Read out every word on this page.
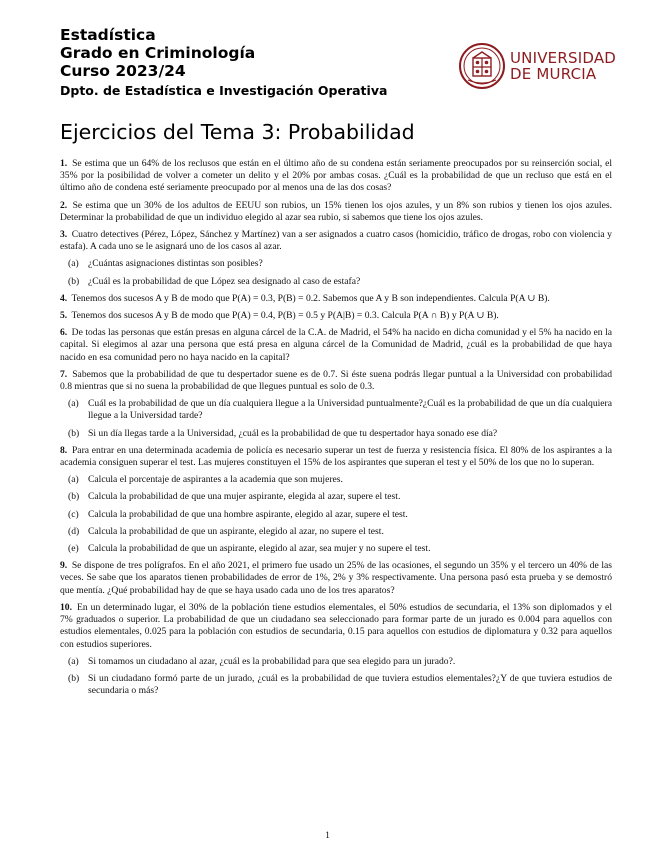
Estadística
Grado en Criminología
Curso 2023/24
Dpto. de Estadística e Investigación Operativa
UNIVERSIDAD
DE MURCIA
Ejercicios del Tema 3: Probabilidad
1. Se estima que un 64% de los reclusos que están en el último año de su condena están seriamente preocupados por su reinserción social, el 35% por la posibilidad de volver a cometer un delito y el 20% por ambas cosas. ¿Cuál es la probabilidad de que un recluso que está en el último año de condena esté seriamente preocupado por al menos una de las dos cosas?
2. Se estima que un 30% de los adultos de EEUU son rubios, un 15% tienen los ojos azules, y un 8% son rubios y tienen los ojos azules. Determinar la probabilidad de que un individuo elegido al azar sea rubio, si sabemos que tiene los ojos azules.
3. Cuatro detectives (Pérez, López, Sánchez y Martínez) van a ser asignados a cuatro casos (homicidio, tráfico de drogas, robo con violencia y estafa). A cada uno se le asignará uno de los casos al azar.
(a) ¿Cuántas asignaciones distintas son posibles?
(b) ¿Cuál es la probabilidad de que López sea designado al caso de estafa?
4. Tenemos dos sucesos A y B de modo que P(A) = 0.3, P(B) = 0.2. Sabemos que A y B son independientes. Calcula P(A ∪ B).
5. Tenemos dos sucesos A y B de modo que P(A) = 0.4, P(B) = 0.5 y P(A|B) = 0.3. Calcula P(A ∩ B) y P(A ∪ B).
6. De todas las personas que están presas en alguna cárcel de la C.A. de Madrid, el 54% ha nacido en dicha comunidad y el 5% ha nacido en la capital. Si elegimos al azar una persona que está presa en alguna cárcel de la Comunidad de Madrid, ¿cuál es la probabilidad de que haya nacido en esa comunidad pero no haya nacido en la capital?
7. Sabemos que la probabilidad de que tu despertador suene es de 0.7. Si éste suena podrás llegar puntual a la Universidad con probabilidad 0.8 mientras que si no suena la probabilidad de que llegues puntual es solo de 0.3.
(a) Cuál es la probabilidad de que un día cualquiera llegue a la Universidad puntualmente?¿Cuál es la probabilidad de que un día cualquiera llegue a la Universidad tarde?
(b) Si un día llegas tarde a la Universidad, ¿cuál es la probabilidad de que tu despertador haya sonado ese día?
8. Para entrar en una determinada academia de policía es necesario superar un test de fuerza y resistencia física. El 80% de los aspirantes a la academia consiguen superar el test. Las mujeres constituyen el 15% de los aspirantes que superan el test y el 50% de los que no lo superan.
(a) Calcula el porcentaje de aspirantes a la academia que son mujeres.
(b) Calcula la probabilidad de que una mujer aspirante, elegida al azar, supere el test.
(c) Calcula la probabilidad de que una hombre aspirante, elegido al azar, supere el test.
(d) Calcula la probabilidad de que un aspirante, elegido al azar, no supere el test.
(e) Calcula la probabilidad de que un aspirante, elegido al azar, sea mujer y no supere el test.
9. Se dispone de tres polígrafos. En el año 2021, el primero fue usado un 25% de las ocasiones, el segundo un 35% y el tercero un 40% de las veces. Se sabe que los aparatos tienen probabilidades de error de 1%, 2% y 3% respectivamente. Una persona pasó esta prueba y se demostró que mentía. ¿Qué probabilidad hay de que se haya usado cada uno de los tres aparatos?
10. En un determinado lugar, el 30% de la población tiene estudios elementales, el 50% estudios de secundaria, el 13% son diplomados y el 7% graduados o superior. La probabilidad de que un ciudadano sea seleccionado para formar parte de un jurado es 0.004 para aquellos con estudios elementales, 0.025 para la población con estudios de secundaria, 0.15 para aquellos con estudios de diplomatura y 0.32 para aquellos con estudios superiores.
(a) Si tomamos un ciudadano al azar, ¿cuál es la probabilidad para que sea elegido para un jurado?.
(b) Si un ciudadano formó parte de un jurado, ¿cuál es la probabilidad de que tuviera estudios elementales?¿Y de que tuviera estudios de secundaria o más?
1
